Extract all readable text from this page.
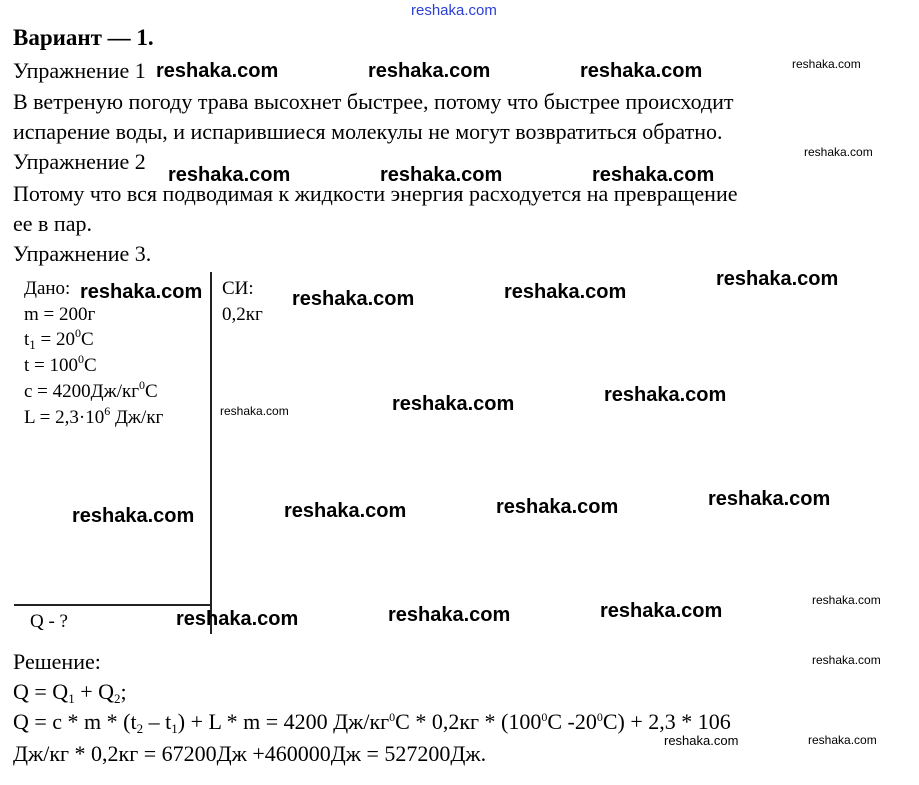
reshaka.com
Вариант — 1.
Упражнение 1
В ветреную погоду трава высохнет быстрее, потому что быстрее происходит
испарение воды, и испарившиеся молекулы не могут возвратиться обратно.
Упражнение 2
Потому что вся подводимая к жидкости энергия расходуется на превращение
ее в пар.
Упражнение 3.
Дано:
m = 200г
$t_1 = 20^0С$
$t = 100^0С$
$с = 4200Дж/кг^0С$
$L = 2,3\cdot 10^6$ Дж/кг
СИ:
0,2кг
Q - ?
Решение:
$Q = Q_1 + Q_2$;
$Q = c * m * (t_2 - t_1) + L * m = 4200$ $Дж/кг^0С * 0,2кг * (100^0С$ $-20^0С) + 2,3 * 106$
Дж/кг * 0,2кг = 67200Дж +460000Дж = 527200Дж.
reshaka.com	reshaka.com	reshaka.com
reshaka.com	reshaka.com	reshaka.com
reshaka.com	reshaka.com	reshaka.com
reshaka.com
reshaka.com	reshaka.com
reshaka.com	reshaka.com	reshaka.com	reshaka.com
reshaka.com	reshaka.com	reshaka.com
reshaka.com
reshaka.com
reshaka.com
reshaka.com
reshaka.com
reshaka.com	reshaka.com
